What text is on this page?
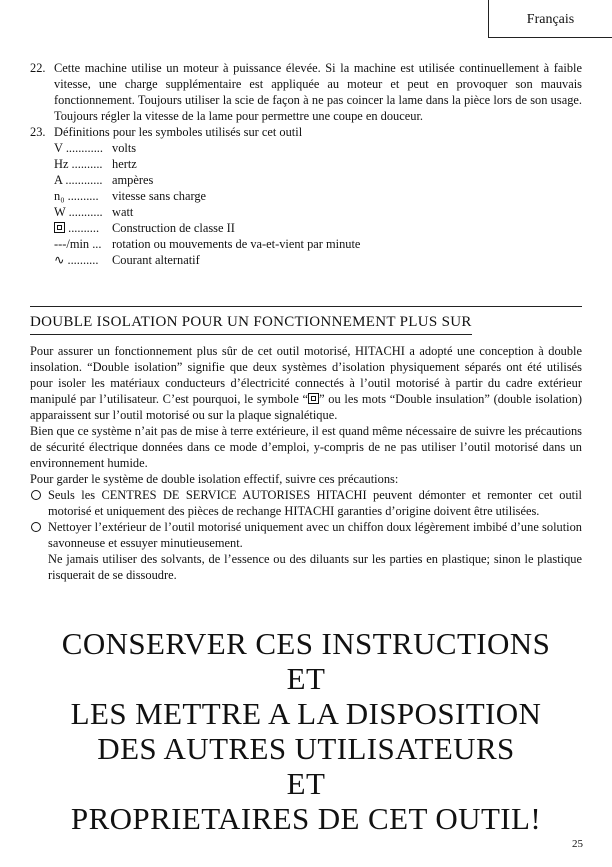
Français
22. Cette machine utilise un moteur à puissance élevée. Si la machine est utilisée continuellement à faible vitesse, une charge supplémentaire est appliquée au moteur et peut en provoquer son mauvais fonctionnement. Toujours utiliser la scie de façon à ne pas coincer la lame dans la pièce lors de son usage. Toujours régler la vitesse de la lame pour permettre une coupe en douceur.
23. Définitions pour les symboles utilisés sur cet outil
V ............ volts
Hz .......... hertz
A ............ ampères
n₀ ..........	vitesse sans charge
W ........... watt
..........	Construction de classe II
---/min ... rotation ou mouvements de va-et-vient par minute
∿ ..........	Courant alternatif
DOUBLE ISOLATION POUR UN FONCTIONNEMENT PLUS SUR

Pour assurer un fonctionnement plus sûr de cet outil motorisé, HITACHI a adopté une conception à double insolation. “Double isolation” signifie que deux systèmes d’isolation physiquement séparés ont été utilisés pour isoler les matériaux conducteurs d’électricité connectés à l’outil motorisé à partir du cadre extérieur manipulé par l’utilisateur. C’est pourquoi, le symbole “ ” ou les mots “Double insulation” (double isolation) apparaissent sur l’outil motorisé ou sur la plaque signalétique.

Bien que ce système n’ait pas de mise à terre extérieure, il est quand même nécessaire de suivre les précautions de sécurité électrique données dans ce mode d’emploi, y-compris de ne pas utiliser l’outil motorisé dans un environnement humide.

Pour garder le système de double isolation effectif, suivre ces précautions:

Seuls les CENTRES DE SERVICE AUTORISES HITACHI peuvent démonter et remonter cet outil motorisé et uniquement des pièces de rechange HITACHI garanties d’origine doivent être utilisées.
Nettoyer l’extérieur de l’outil motorisé uniquement avec un chiffon doux légèrement imbibé d’une solution savonneuse et essuyer minutieusement.
Ne jamais utiliser des solvants, de l’essence ou des diluants sur les parties en plastique; sinon le plastique risquerait de se dissoudre.
CONSERVER CES INSTRUCTIONS
ET
LES METTRE A LA DISPOSITION
DES AUTRES UTILISATEURS
ET
PROPRIETAIRES DE CET OUTIL!
25
